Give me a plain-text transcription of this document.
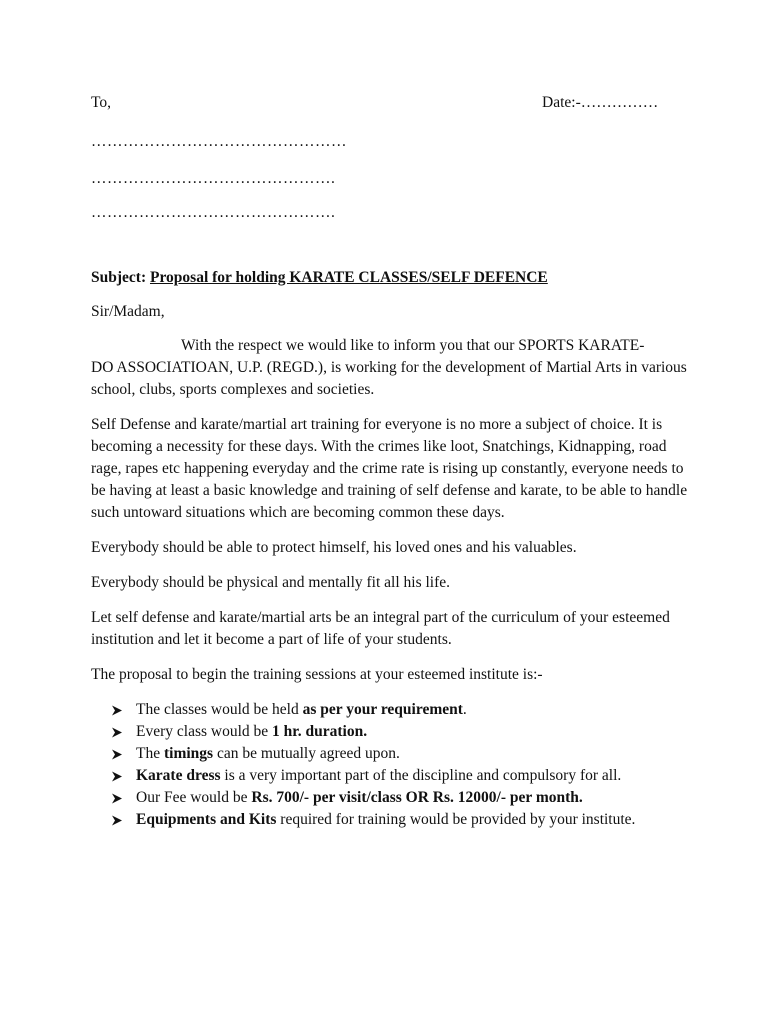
To,	Date:-……………
…………………………………………
……………………………………….
……………………………………….
Subject: Proposal for holding KARATE CLASSES/SELF DEFENCE
Sir/Madam,

With the respect we would like to inform you that our SPORTS KARATE-
DO ASSOCIATIOAN, U.P. (REGD.), is working for the development of Martial Arts in various school, clubs, sports complexes and societies.

Self Defense and karate/martial art training for everyone is no more a subject of choice. It is becoming a necessity for these days. With the crimes like loot, Snatchings, Kidnapping, road rage, rapes etc happening everyday and the crime rate is rising up constantly, everyone needs to be having at least a basic knowledge and training of self defense and karate, to be able to handle such untoward situations which are becoming common these days.

Everybody should be able to protect himself, his loved ones and his valuables.

Everybody should be physical and mentally fit all his life.

Let self defense and karate/martial arts be an integral part of the curriculum of your esteemed institution and let it become a part of life of your students.

The proposal to begin the training sessions at your esteemed institute is:-

The classes would be held as per your requirement.
Every class would be 1 hr. duration.
The timings can be mutually agreed upon.
Karate dress is a very important part of the discipline and compulsory for all.
Our Fee would be Rs. 700/- per visit/class OR Rs. 12000/- per month.
Equipments and Kits required for training would be provided by your institute.
